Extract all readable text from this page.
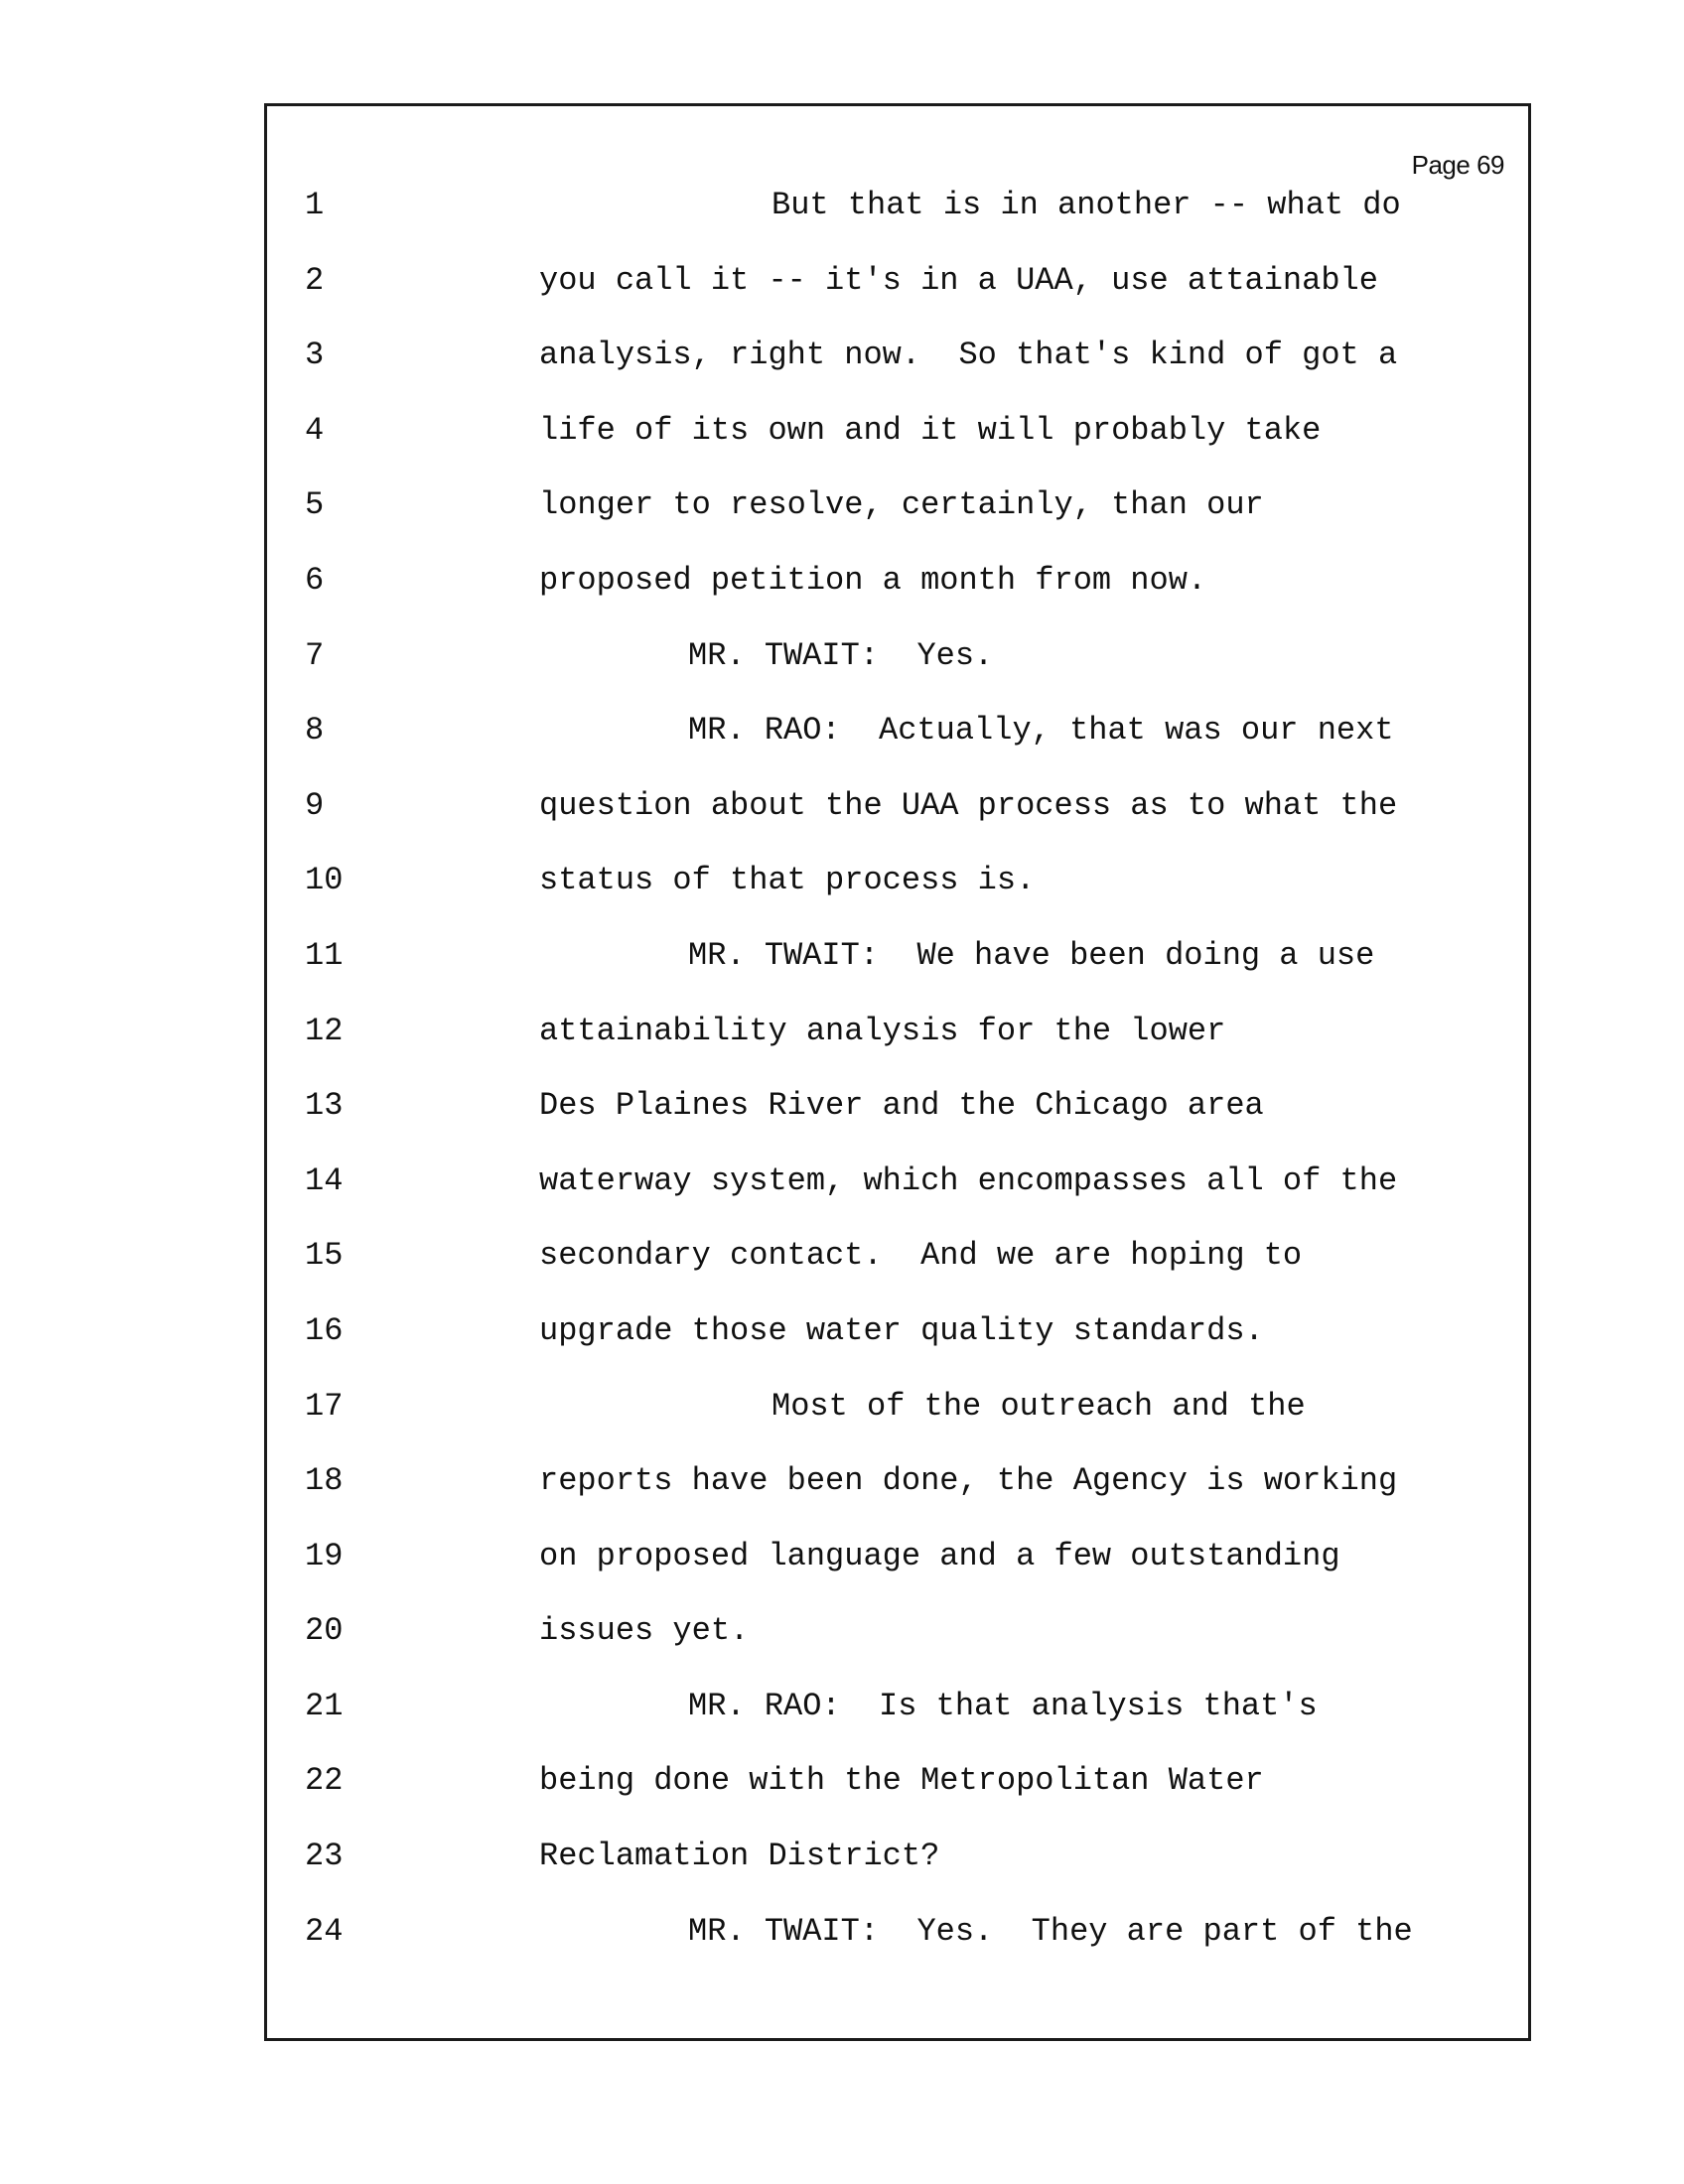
Page 69
1	But that is in another -- what do
2	you call it -- it's in a UAA, use attainable
3	analysis, right now.  So that's kind of got a
4	life of its own and it will probably take
5	longer to resolve, certainly, than our
6	proposed petition a month from now.
7	MR. TWAIT:  Yes.
8	MR. RAO:  Actually, that was our next
9	question about the UAA process as to what the
10	status of that process is.
11	MR. TWAIT:  We have been doing a use
12	attainability analysis for the lower
13	Des Plaines River and the Chicago area
14	waterway system, which encompasses all of the
15	secondary contact.  And we are hoping to
16	upgrade those water quality standards.
17	Most of the outreach and the
18	reports have been done, the Agency is working
19	on proposed language and a few outstanding
20	issues yet.
21	MR. RAO:  Is that analysis that's
22	being done with the Metropolitan Water
23	Reclamation District?
24	MR. TWAIT:  Yes.  They are part of the
